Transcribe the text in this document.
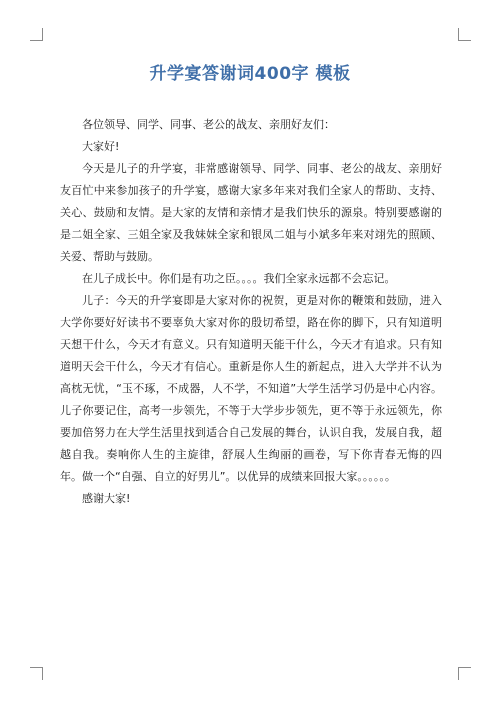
升学宴答谢词400字 模板

各位领导、同学、同事、老公的战友、亲朋好友们：

大家好!

今天是儿子的升学宴，非常感谢领导、同学、同事、老公的战友、亲朋好友百忙中来参加孩子的升学宴，感谢大家多年来对我们全家人的帮助、支持、关心、鼓励和友情。是大家的友情和亲情才是我们快乐的源泉。特别要感谢的是二姐全家、三姐全家及我妹妹全家和银凤二姐与小斌多年来对翊先的照顾、关爱、帮助与鼓励。

在儿子成长中。你们是有功之臣。。。。我们全家永远都不会忘记。

儿子：今天的升学宴即是大家对你的祝贺，更是对你的鞭策和鼓励，进入大学你要好好读书不要辜负大家对你的殷切希望，路在你的脚下，只有知道明天想干什么，今天才有意义。只有知道明天能干什么，今天才有追求。只有知道明天会干什么，今天才有信心。重新是你人生的新起点，进入大学并不认为高枕无忧，“玉不琢，不成器，人不学，不知道”大学生活学习仍是中心内容。儿子你要记住，高考一步领先，不等于大学步步领先，更不等于永远领先，你要加倍努力在大学生活里找到适合自己发展的舞台，认识自我，发展自我，超越自我。奏响你人生的主旋律，舒展人生绚丽的画卷，写下你青春无悔的四年。做一个“自强、自立的好男儿”。以优异的成绩来回报大家。。。。。。

感谢大家!
